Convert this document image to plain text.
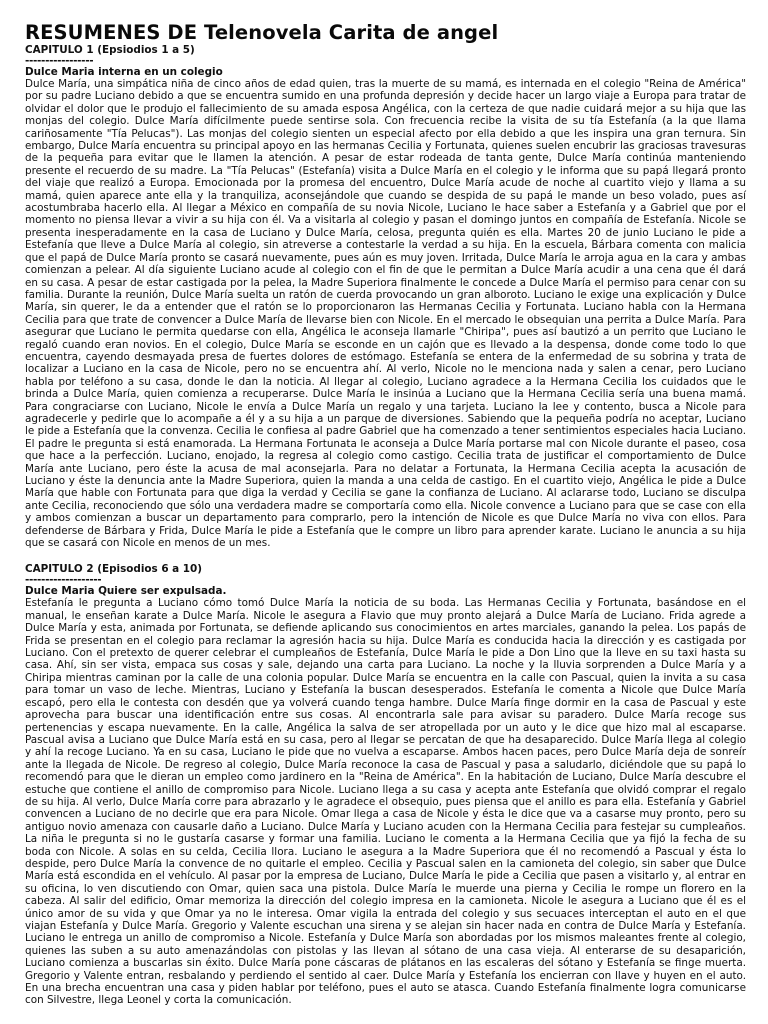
RESUMENES DE Telenovela Carita de angel

CAPITULO 1 (Epsiodios 1 a 5)

-----------------

Dulce Maria interna en un colegio

Dulce María, una simpática niña de cinco años de edad quien, tras la muerte de su mamá, es internada en el colegio "Reina de América" por su padre Luciano debido a que se encuentra sumido en una profunda depresión y decide hacer un largo viaje a Europa para tratar de olvidar el dolor que le produjo el fallecimiento de su amada esposa Angélica, con la certeza de que nadie cuidará mejor a su hija que las monjas del colegio. Dulce María difícilmente puede sentirse sola. Con frecuencia recibe la visita de su tía Estefanía (a la que llama cariñosamente "Tía Pelucas"). Las monjas del colegio sienten un especial afecto por ella debido a que les inspira una gran ternura. Sin embargo, Dulce María encuentra su principal apoyo en las hermanas Cecilia y Fortunata, quienes suelen encubrir las graciosas travesuras de la pequeña para evitar que le llamen la atención. A pesar de estar rodeada de tanta gente, Dulce María continúa manteniendo presente el recuerdo de su madre. La "Tía Pelucas" (Estefanía) visita a Dulce María en el colegio y le informa que su papá llegará pronto del viaje que realizó a Europa. Emocionada por la promesa del encuentro, Dulce María acude de noche al cuartito viejo y llama a su mamá, quien aparece ante ella y la tranquiliza, aconsejándole que cuando se despida de su papá le mande un beso volado, pues así acostumbraba hacerlo ella. Al llegar a México en compañía de su novia Nicole, Luciano le hace saber a Estefanía y a Gabriel que por el momento no piensa llevar a vivir a su hija con él. Va a visitarla al colegio y pasan el domingo juntos en compañía de Estefanía. Nicole se presenta inesperadamente en la casa de Luciano y Dulce María, celosa, pregunta quién es ella. Martes 20 de junio Luciano le pide a Estefanía que lleve a Dulce María al colegio, sin atreverse a contestarle la verdad a su hija. En la escuela, Bárbara comenta con malicia que el papá de Dulce María pronto se casará nuevamente, pues aún es muy joven. Irritada, Dulce María le arroja agua en la cara y ambas comienzan a pelear. Al día siguiente Luciano acude al colegio con el fin de que le permitan a Dulce María acudir a una cena que él dará en su casa. A pesar de estar castigada por la pelea, la Madre Superiora finalmente le concede a Dulce María el permiso para cenar con su familia. Durante la reunión, Dulce María suelta un ratón de cuerda provocando un gran alboroto. Luciano le exige una explicación y Dulce María, sin querer, le da a entender que el ratón se lo proporcionaron las Hermanas Cecilia y Fortunata. Luciano habla con la Hermana Cecilia para que trate de convencer a Dulce María de llevarse bien con Nicole. En el mercado le obsequian una perrita a Dulce María. Para asegurar que Luciano le permita quedarse con ella, Angélica le aconseja llamarle "Chiripa", pues así bautizó a un perrito que Luciano le regaló cuando eran novios. En el colegio, Dulce María se esconde en un cajón que es llevado a la despensa, donde come todo lo que encuentra, cayendo desmayada presa de fuertes dolores de estómago. Estefanía se entera de la enfermedad de su sobrina y trata de localizar a Luciano en la casa de Nicole, pero no se encuentra ahí. Al verlo, Nicole no le menciona nada y salen a cenar, pero Luciano habla por teléfono a su casa, donde le dan la noticia. Al llegar al colegio, Luciano agradece a la Hermana Cecilia los cuidados que le brinda a Dulce María, quien comienza a recuperarse. Dulce María le insinúa a Luciano que la Hermana Cecilia sería una buena mamá. Para congraciarse con Luciano, Nicole le envía a Dulce María un regalo y una tarjeta. Luciano la lee y contento, busca a Nicole para agradecerle y pedirle que lo acompañe a él y a su hija a un parque de diversiones. Sabiendo que la pequeña podría no aceptar, Luciano le pide a Estefanía que la convenza. Cecilia le confiesa al padre Gabriel que ha comenzado a tener sentimientos especiales hacia Luciano. El padre le pregunta si está enamorada. La Hermana Fortunata le aconseja a Dulce María portarse mal con Nicole durante el paseo, cosa que hace a la perfección. Luciano, enojado, la regresa al colegio como castigo. Cecilia trata de justificar el comportamiento de Dulce María ante Luciano, pero éste la acusa de mal aconsejarla. Para no delatar a Fortunata, la Hermana Cecilia acepta la acusación de Luciano y éste la denuncia ante la Madre Superiora, quien la manda a una celda de castigo. En el cuartito viejo, Angélica le pide a Dulce María que hable con Fortunata para que diga la verdad y Cecilia se gane la confianza de Luciano. Al aclararse todo, Luciano se disculpa ante Cecilia, reconociendo que sólo una verdadera madre se comportaría como ella. Nicole convence a Luciano para que se case con ella y ambos comienzan a buscar un departamento para comprarlo, pero la intención de Nicole es que Dulce María no viva con ellos. Para defenderse de Bárbara y Frida, Dulce María le pide a Estefanía que le compre un libro para aprender karate. Luciano le anuncia a su hija que se casará con Nicole en menos de un mes.

CAPITULO 2 (Episodios 6 a 10)

-------------------

Dulce Maria Quiere ser expulsada.

Estefanía le pregunta a Luciano cómo tomó Dulce María la noticia de su boda. Las Hermanas Cecilia y Fortunata, basándose en el manual, le enseñan karate a Dulce María. Nicole le asegura a Flavio que muy pronto alejará a Dulce María de Luciano. Frida agrede a Dulce María y esta, animada por Fortunata, se defiende aplicando sus conocimientos en artes marciales, ganando la pelea. Los papás de Frida se presentan en el colegio para reclamar la agresión hacia su hija. Dulce María es conducida hacia la dirección y es castigada por Luciano. Con el pretexto de querer celebrar el cumpleaños de Estefanía, Dulce María le pide a Don Lino que la lleve en su taxi hasta su casa. Ahí, sin ser vista, empaca sus cosas y sale, dejando una carta para Luciano. La noche y la lluvia sorprenden a Dulce María y a Chiripa mientras caminan por la calle de una colonia popular. Dulce María se encuentra en la calle con Pascual, quien la invita a su casa para tomar un vaso de leche. Mientras, Luciano y Estefanía la buscan desesperados. Estefanía le comenta a Nicole que Dulce María escapó, pero ella le contesta con desdén que ya volverá cuando tenga hambre. Dulce María finge dormir en la casa de Pascual y este aprovecha para buscar una identificación entre sus cosas. Al encontrarla sale para avisar su paradero. Dulce María recoge sus pertenencias y escapa nuevamente. En la calle, Angélica la salva de ser atropellada por un auto y le dice que hizo mal al escaparse. Pascual avisa a Luciano que Dulce María está en su casa, pero al llegar se percatan de que ha desaparecido. Dulce María llega al colegio y ahí la recoge Luciano. Ya en su casa, Luciano le pide que no vuelva a escaparse. Ambos hacen paces, pero Dulce María deja de sonreír ante la llegada de Nicole. De regreso al colegio, Dulce María reconoce la casa de Pascual y pasa a saludarlo, diciéndole que su papá lo recomendó para que le dieran un empleo como jardinero en la "Reina de América". En la habitación de Luciano, Dulce María descubre el estuche que contiene el anillo de compromiso para Nicole. Luciano llega a su casa y acepta ante Estefanía que olvidó comprar el regalo de su hija. Al verlo, Dulce María corre para abrazarlo y le agradece el obsequio, pues piensa que el anillo es para ella. Estefanía y Gabriel convencen a Luciano de no decirle que era para Nicole. Omar llega a casa de Nicole y ésta le dice que va a casarse muy pronto, pero su antiguo novio amenaza con causarle daño a Luciano. Dulce María y Luciano acuden con la Hermana Cecilia para festejar su cumpleaños. La niña le pregunta si no le gustaría casarse y formar una familia. Luciano le comenta a la Hermana Cecilia que ya fijó la fecha de su boda con Nicole. A solas en su celda, Cecilia llora. Luciano le asegura a la Madre Superiora que él no recomendó a Pascual y ésta lo despide, pero Dulce María la convence de no quitarle el empleo. Cecilia y Pascual salen en la camioneta del colegio, sin saber que Dulce María está escondida en el vehículo. Al pasar por la empresa de Luciano, Dulce María le pide a Cecilia que pasen a visitarlo y, al entrar en su oficina, lo ven discutiendo con Omar, quien saca una pistola. Dulce María le muerde una pierna y Cecilia le rompe un florero en la cabeza. Al salir del edificio, Omar memoriza la dirección del colegio impresa en la camioneta. Nicole le asegura a Luciano que él es el único amor de su vida y que Omar ya no le interesa. Omar vigila la entrada del colegio y sus secuaces interceptan el auto en el que viajan Estefanía y Dulce María. Gregorio y Valente escuchan una sirena y se alejan sin hacer nada en contra de Dulce María y Estefanía. Luciano le entrega un anillo de compromiso a Nicole. Estefanía y Dulce María son abordadas por los mismos maleantes frente al colegio, quienes las suben a su auto amenazándolas con pistolas y las llevan al sótano de una casa vieja. Al enterarse de su desaparición, Luciano comienza a buscarlas sin éxito. Dulce María pone cáscaras de plátanos en las escaleras del sótano y Estefanía se finge muerta. Gregorio y Valente entran, resbalando y perdiendo el sentido al caer. Dulce María y Estefanía los encierran con llave y huyen en el auto. En una brecha encuentran una casa y piden hablar por teléfono, pues el auto se atasca. Cuando Estefanía finalmente logra comunicarse con Silvestre, llega Leonel y corta la comunicación.
